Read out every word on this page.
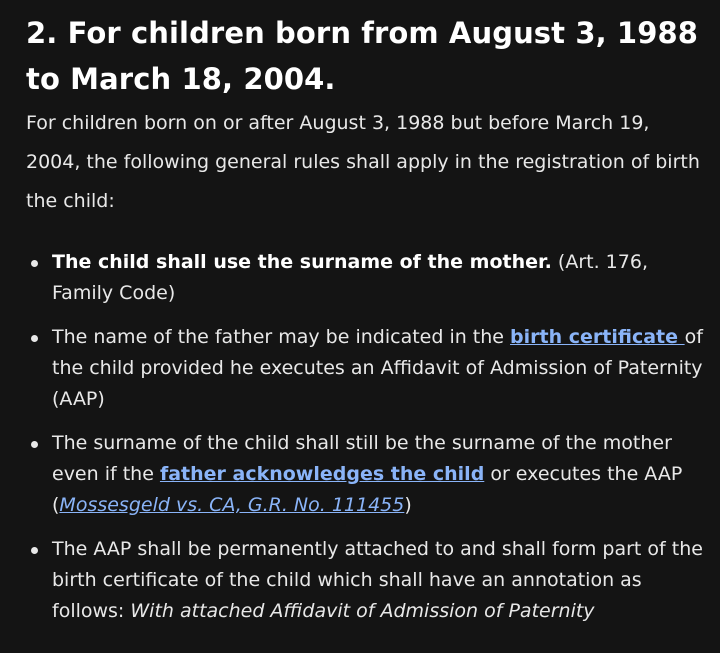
2. For children born from August 3, 1988 to March 18, 2004.

For children born on or after August 3, 1988 but before March 19, 2004, the following general rules shall apply in the registration of birth the child:

The child shall use the surname of the mother. (Art. 176, Family Code)
The name of the father may be indicated in the birth certificate of the child provided he executes an Affidavit of Admission of Paternity (AAP)
The surname of the child shall still be the surname of the mother even if the father acknowledges the child or executes the AAP (Mossesgeld vs. CA, G.R. No. 111455)
The AAP shall be permanently attached to and shall form part of the birth certificate of the child which shall have an annotation as follows: With attached Affidavit of Admission of Paternity
